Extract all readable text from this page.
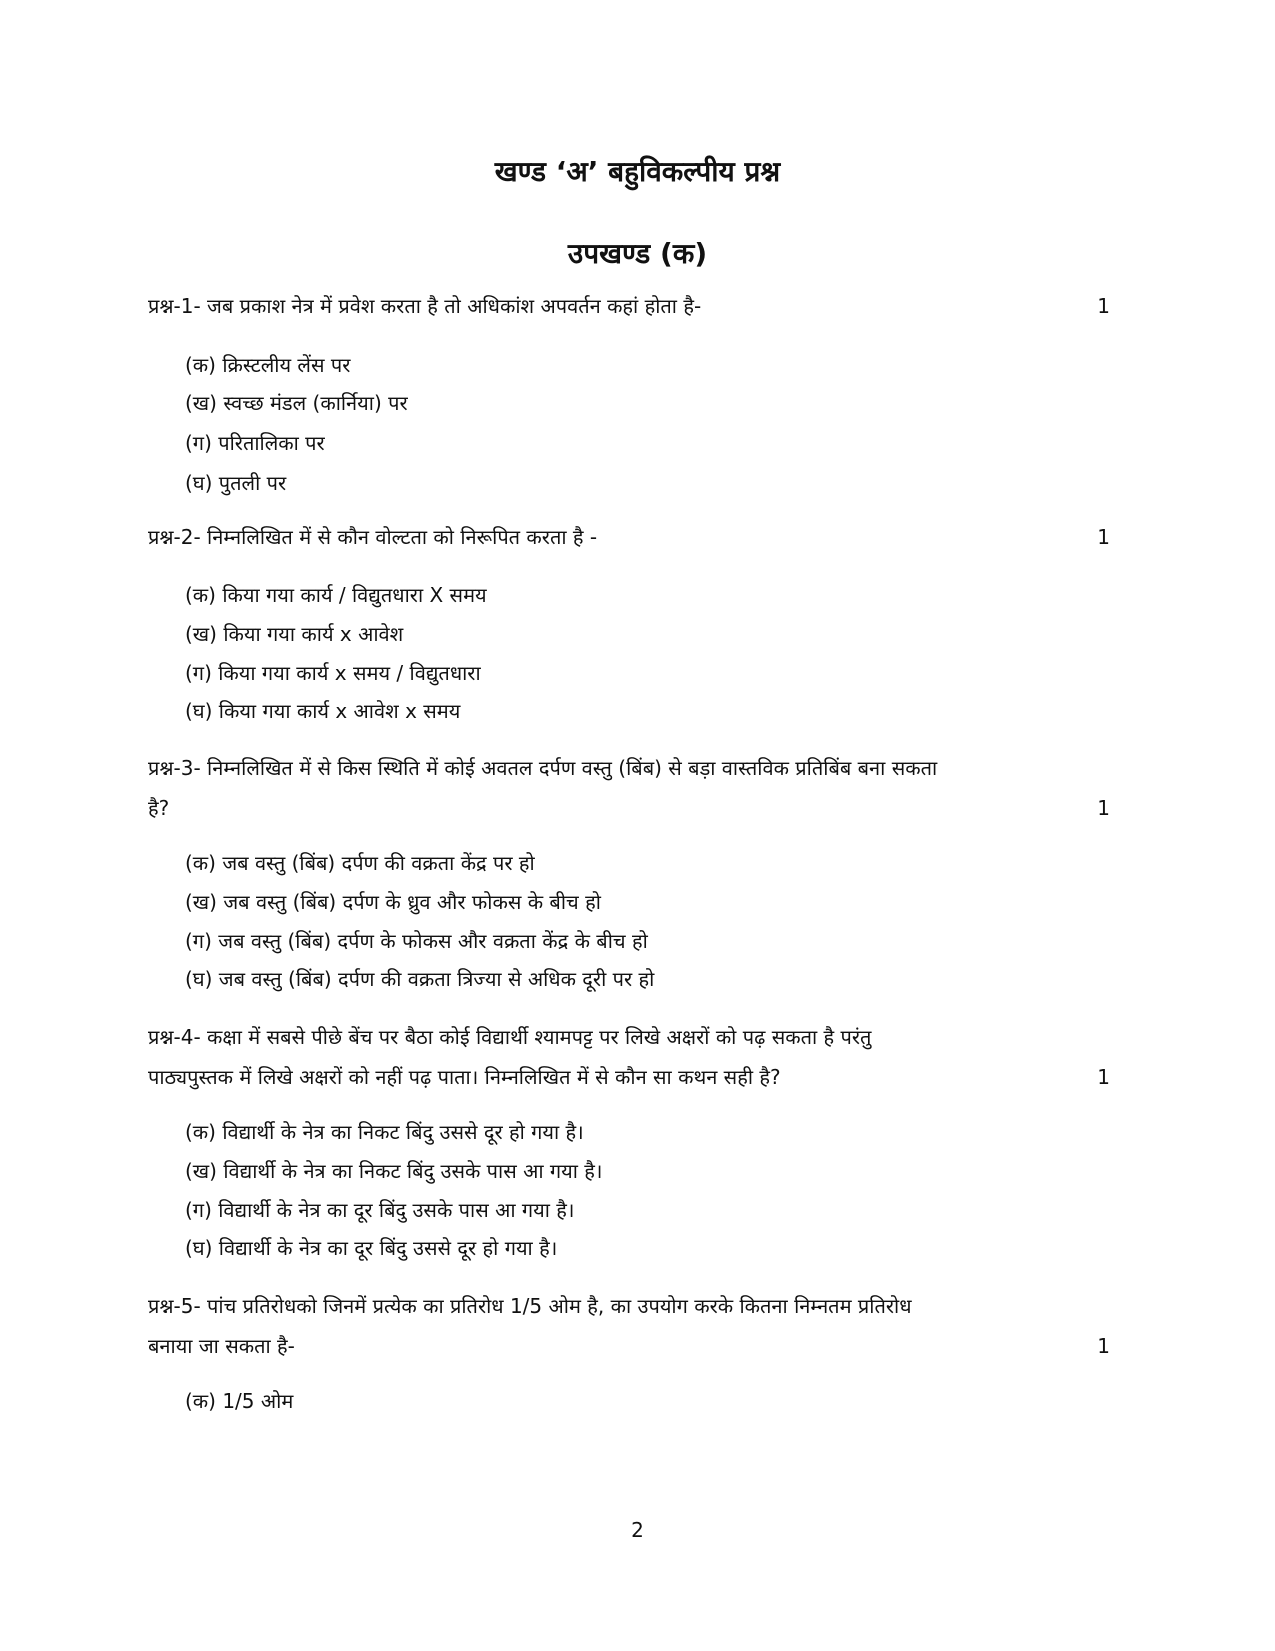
खण्ड ‘अ’ बहुविकल्पीय प्रश्न
उपखण्ड (क)
प्रश्न-1- जब प्रकाश नेत्र में प्रवेश करता है तो अधिकांश अपवर्तन कहां होता है-	1
(क) क्रिस्टलीय लेंस पर
(ख) स्वच्छ मंडल (कार्निया) पर
(ग) परितालिका पर
(घ) पुतली पर
प्रश्न-2- निम्नलिखित में से कौन वोल्टता को निरूपित करता है -	1
(क) किया गया कार्य / विद्युतधारा X समय
(ख) किया गया कार्य x आवेश
(ग) किया गया कार्य x समय / विद्युतधारा
(घ) किया गया कार्य x आवेश x समय
प्रश्न-3- निम्नलिखित में से किस स्थिति में कोई अवतल दर्पण वस्तु (बिंब) से बड़ा वास्तविक प्रतिबिंब बना सकता
है?	1
(क) जब वस्तु (बिंब) दर्पण की वक्रता केंद्र पर हो
(ख) जब वस्तु (बिंब) दर्पण के ध्रुव और फोकस के बीच हो
(ग) जब वस्तु (बिंब) दर्पण के फोकस और वक्रता केंद्र के बीच हो
(घ) जब वस्तु (बिंब) दर्पण की वक्रता त्रिज्या से अधिक दूरी पर हो
प्रश्न-4- कक्षा में सबसे पीछे बेंच पर बैठा कोई विद्यार्थी श्यामपट्ट पर लिखे अक्षरों को पढ़ सकता है परंतु
पाठ्यपुस्तक में लिखे अक्षरों को नहीं पढ़ पाता। निम्नलिखित में से कौन सा कथन सही है?	1
(क) विद्यार्थी के नेत्र का निकट बिंदु उससे दूर हो गया है।
(ख) विद्यार्थी के नेत्र का निकट बिंदु उसके पास आ गया है।
(ग) विद्यार्थी के नेत्र का दूर बिंदु उसके पास आ गया है।
(घ) विद्यार्थी के नेत्र का दूर बिंदु उससे दूर हो गया है।
प्रश्न-5- पांच प्रतिरोधको जिनमें प्रत्येक का प्रतिरोध 1/5 ओम है, का उपयोग करके कितना निम्नतम प्रतिरोध
बनाया जा सकता है-	1
(क) 1/5 ओम
2
